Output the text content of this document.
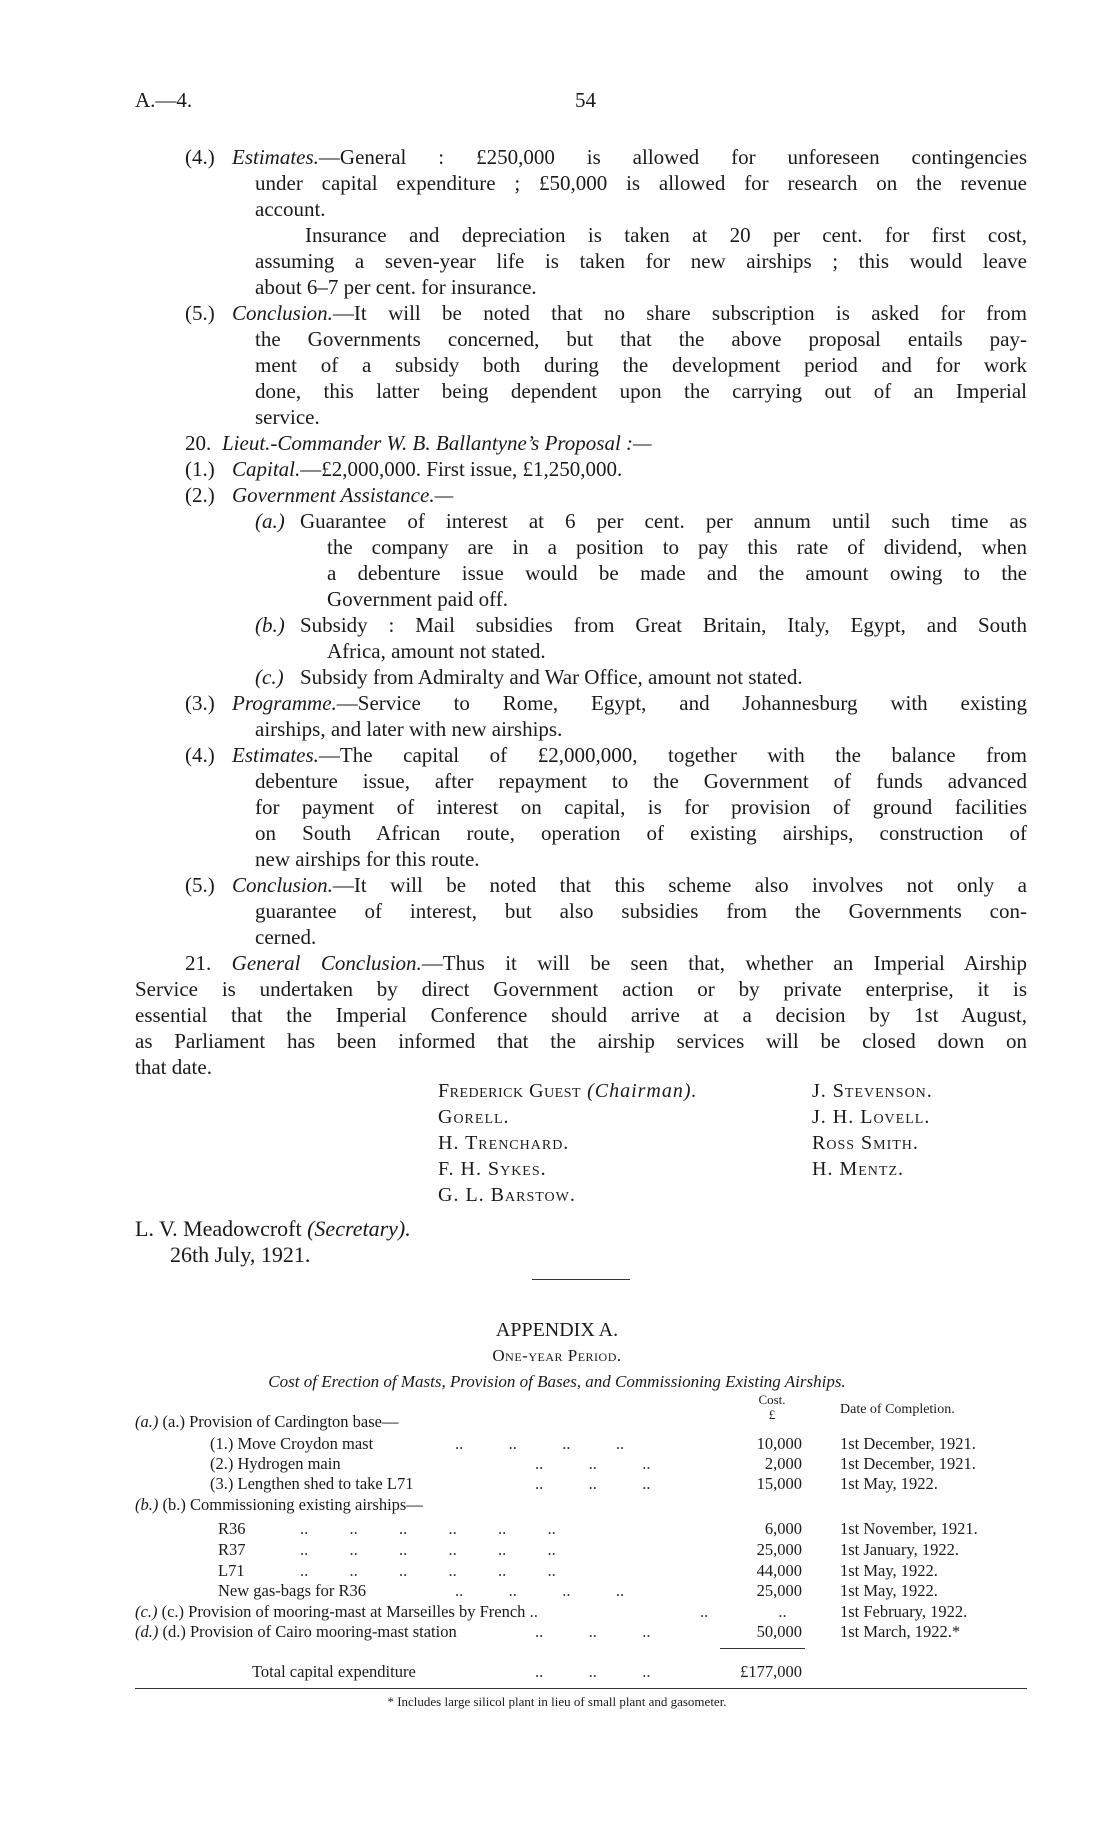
A.—4.	54
(4.) Estimates.—General : £250,000 is allowed for unforeseen contingencies
under capital expenditure ; £50,000 is allowed for research on the revenue
account.
Insurance and depreciation is taken at 20 per cent. for first cost,
assuming a seven-year life is taken for new airships ; this would leave
about 6–7 per cent. for insurance.
(5.) Conclusion.—It will be noted that no share subscription is asked for from
the Governments concerned, but that the above proposal entails pay-
ment of a subsidy both during the development period and for work
done, this latter being dependent upon the carrying out of an Imperial
service.
20. Lieut.-Commander W. B. Ballantyne’s Proposal :—
(1.) Capital.—£2,000,000. First issue, £1,250,000.
(2.) Government Assistance.—
(a.) Guarantee of interest at 6 per cent. per annum until such time as
the company are in a position to pay this rate of dividend, when
a debenture issue would be made and the amount owing to the
Government paid off.
(b.) Subsidy : Mail subsidies from Great Britain, Italy, Egypt, and South
Africa, amount not stated.
(c.) Subsidy from Admiralty and War Office, amount not stated.
(3.) Programme.—Service to Rome, Egypt, and Johannesburg with existing
airships, and later with new airships.
(4.) Estimates.—The capital of £2,000,000, together with the balance from
debenture issue, after repayment to the Government of funds advanced
for payment of interest on capital, is for provision of ground facilities
on South African route, operation of existing airships, construction of
new airships for this route.
(5.) Conclusion.—It will be noted that this scheme also involves not only a
guarantee of interest, but also subsidies from the Governments con-
cerned.
21. General Conclusion.—Thus it will be seen that, whether an Imperial Airship
Service is undertaken by direct Government action or by private enterprise, it is
essential that the Imperial Conference should arrive at a decision by 1st August,
as Parliament has been informed that the airship services will be closed down on
that date.
Frederick Guest (Chairman).
Gorell.
H. Trenchard.
F. H. Sykes.
G. L. Barstow.
J. Stevenson.
J. H. Lovell.
Ross Smith.
H. Mentz.
L. V. Meadowcroft (Secretary).
26th July, 1921.
APPENDIX A.
One-year Period.
Cost of Erection of Masts, Provision of Bases, and Commissioning Existing Airships.
Cost.
£	Date of Completion.
(a.) (a.) Provision of Cardington base—
(1.) Move Croydon mast	..           ..           ..           ..	10,000 1st December, 1921.
(2.) Hydrogen main	..           ..           ..	2,000 1st December, 1921.
(3.) Lengthen shed to take L71	..           ..           ..	15,000 1st May, 1922.
(b.) (b.) Commissioning existing airships—
R36	..          ..          ..          ..          ..          ..	6,000 1st November, 1921.
R37	..          ..          ..          ..          ..          ..	25,000 1st January, 1922.
L71	..          ..          ..          ..          ..          ..	44,000 1st May, 1922.
New gas-bags for R36	..           ..           ..           ..	25,000 1st May, 1922.
(c.) (c.) Provision of mooring-mast at Marseilles by French ..	..                 ..	1st February, 1922.
(d.) (d.) Provision of Cairo mooring-mast station	..           ..           ..	50,000 1st March, 1922.*
Total capital expenditure	..           ..           ..	£177,000
* Includes large silicol plant in lieu of small plant and gasometer.
